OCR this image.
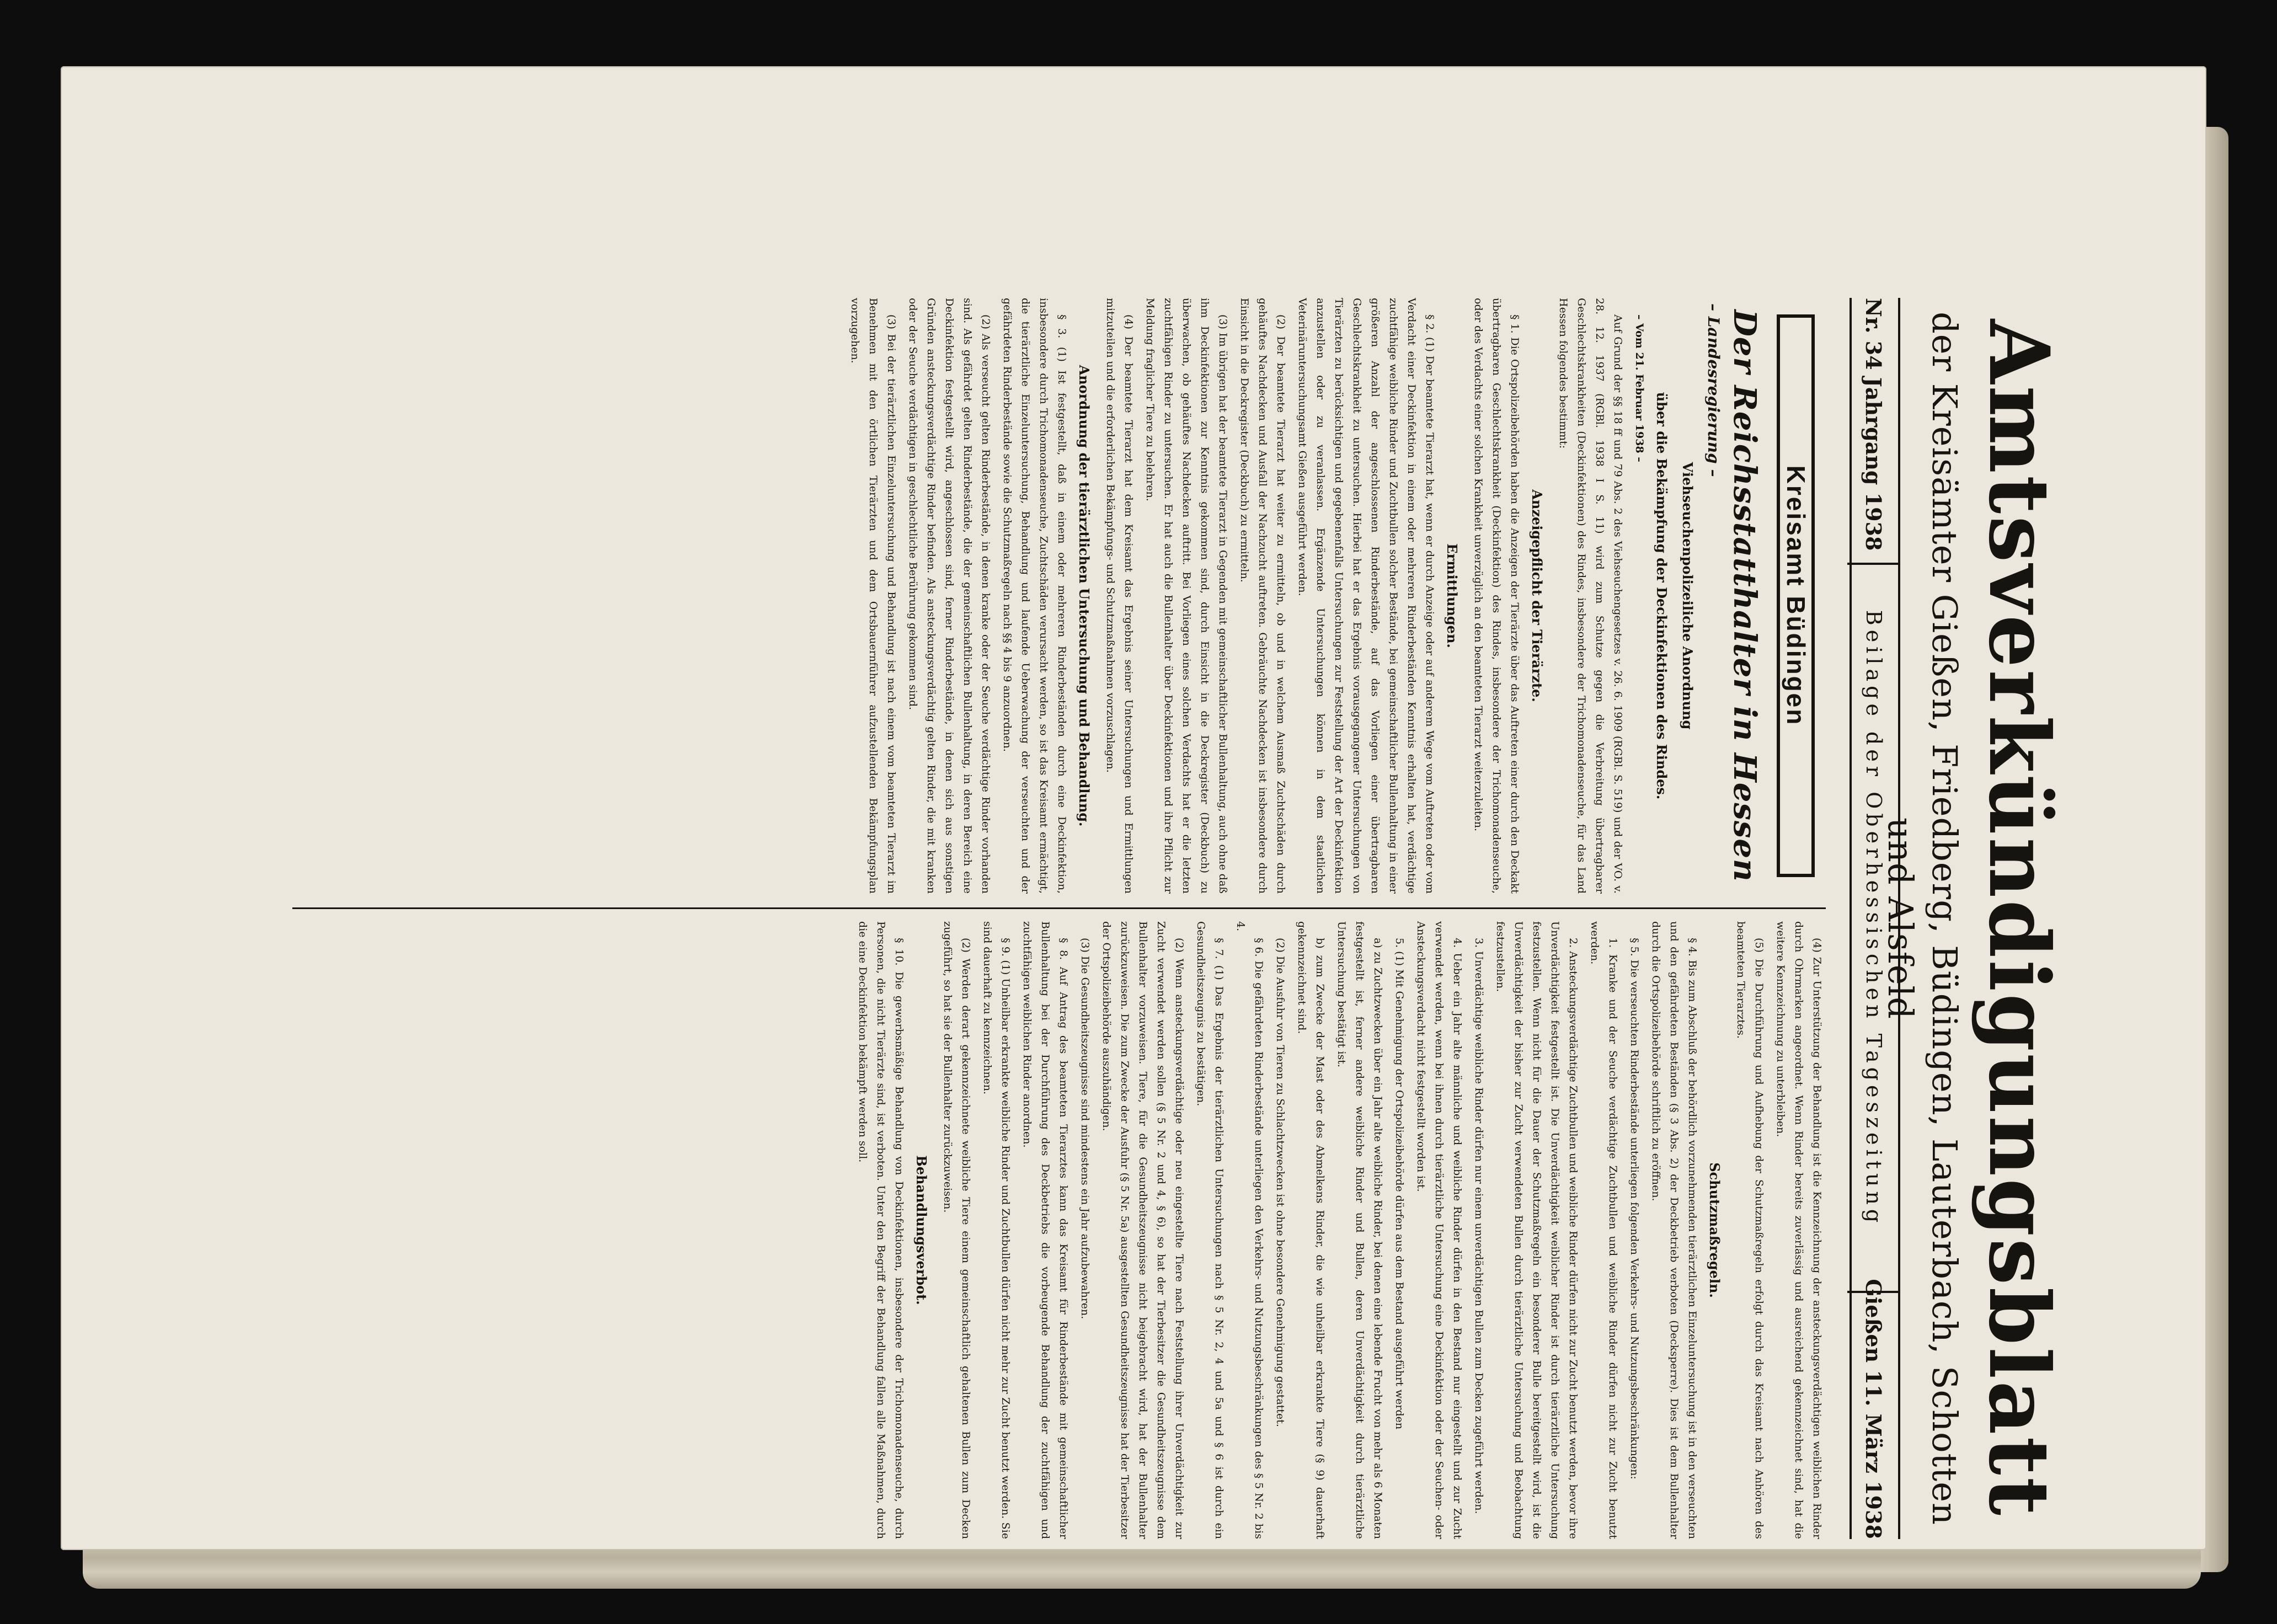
Amtsverkündigungsblatt
der Kreisämter Gießen, Friedberg, Büdingen, Lauterbach, Schotten und Alsfeld
Nr. 34 Jahrgang 1938
Beilage der Oberhessischen Tageszeitung
Gießen 11. März 1938
Kreisamt Büdingen
Der Reichsstatthalter in Hessen
– Landesregierung –
Viehseuchenpolizeiliche Anordnung
über die Bekämpfung der Deckinfektionen des Rindes.
– Vom 21. Februar 1938 –
Auf Grund der §§ 18 ff und 79 Abs. 2 des Viehseuchengesetzes v. 26. 6. 1909 (RGBl. S. 519) und der VO. v. 28. 12. 1937 (RGBl. 1938 I S. 11) wird zum Schutze gegen die Verbreitung übertragbarer Geschlechtskrankheiten (Deckinfektionen) des Rindes, insbesondere der Trichomonadenseuche, für das Land Hessen folgendes bestimmt:
Anzeigepflicht der Tierärzte.
§ 1. Die Ortspolizeibehörden haben die Anzeigen der Tierärzte über das Auftreten einer durch den Deckakt übertragbaren Geschlechtskrankheit (Deckinfektion) des Rindes, insbesondere der Trichomonadenseuche, oder des Verdachts einer solchen Krankheit unverzüglich an den beamteten Tierarzt weiterzuleiten.
Ermittlungen.
§ 2. (1) Der beamtete Tierarzt hat, wenn er durch Anzeige oder auf anderem Wege vom Auftreten oder vom Verdacht einer Deckinfektion in einem oder mehreren Rinderbeständen Kenntnis erhalten hat, verdächtige zuchtfähige weibliche Rinder und Zuchtbullen solcher Bestände, bei gemeinschaftlicher Bullenhaltung in einer größeren Anzahl der angeschlossenen Rinderbestände, auf das Vorliegen einer übertragbaren Geschlechtskrankheit zu untersuchen. Hierbei hat er das Ergebnis vorausgegangener Untersuchungen von Tierärzten zu berücksichtigen und gegebenenfalls Untersuchungen zur Feststellung der Art der Deckinfektion anzustellen oder zu veranlassen. Ergänzende Untersuchungen können in dem staatlichen Veterinäruntersuchungsamt Gießen ausgeführt werden.
(2) Der beamtete Tierarzt hat weiter zu ermitteln, ob und in welchem Ausmaß Zuchtschäden durch gehäuftes Nachdecken und Ausfall der Nachzucht auftreten. Gebräuchte Nachdecken ist insbesondere durch Einsicht in die Deckregister (Deckbuch) zu ermitteln.
(3) Im übrigen hat der beamtete Tierarzt in Gegenden mit gemeinschaftlicher Bullenhaltung, auch ohne daß ihm Deckinfektionen zur Kenntnis gekommen sind, durch Einsicht in die Deckregister (Deckbuch) zu überwachen, ob gehäuftes Nachdecken auftritt. Bei Vorliegen eines solchen Verdachts hat er die letzten zuchtfähigen Rinder zu untersuchen. Er hat auch die Bullenhalter über Deckinfektionen und ihre Pflicht zur Meldung fraglicher Tiere zu belehren.
(4) Der beamtete Tierarzt hat dem Kreisamt das Ergebnis seiner Untersuchungen und Ermittlungen mitzuteilen und die erforderlichen Bekämpfungs- und Schutzmaßnahmen vorzuschlagen.
Anordnung der tierärztlichen Untersuchung und Behandlung.
§ 3. (1) Ist festgestellt, daß in einem oder mehreren Rinderbeständen durch eine Deckinfektion, insbesondere durch Trichomonadenseuche, Zuchtschäden verursacht werden, so ist das Kreisamt ermächtigt, die tierärztliche Einzeluntersuchung, Behandlung und laufende Ueberwachung der verseuchten und der gefährdeten Rinderbestände sowie die Schutzmaßregeln nach §§ 4 bis 9 anzuordnen.
(2) Als verseucht gelten Rinderbestände, in denen kranke oder der Seuche verdächtige Rinder vorhanden sind. Als gefährdet gelten Rinderbestände, die der gemeinschaftlichen Bullenhaltung, in deren Bereich eine Deckinfektion festgestellt wird, angeschlossen sind, ferner Rinderbestände, in denen sich aus sonstigen Gründen ansteckungsverdächtige Rinder befinden. Als ansteckungsverdächtig gelten Rinder, die mit kranken oder der Seuche verdächtigen in geschlechtliche Berührung gekommen sind.
(3) Bei der tierärztlichen Einzeluntersuchung und Behandlung ist nach einem vom beamteten Tierarzt im Benehmen mit den örtlichen Tierärzten und dem Ortsbauernführer aufzustellenden Bekämpfungsplan vorzugehen.
(4) Zur Unterstützung der Behandlung ist die Kennzeichnung der ansteckungsverdächtigen weiblichen Rinder durch Ohrmarken angeordnet. Wenn Rinder bereits zuverlässig und ausreichend gekennzeichnet sind, hat die weitere Kennzeichnung zu unterbleiben.
(5) Die Durchführung und Aufhebung der Schutzmaßregeln erfolgt durch das Kreisamt nach Anhören des beamteten Tierarztes.
Schutzmaßregeln.
§ 4. Bis zum Abschluß der behördlich vorzunehmenden tierärztlichen Einzeluntersuchung ist in den verseuchten und den gefährdeten Beständen (§ 3 Abs. 2) der Deckbetrieb verboten (Decksperre). Dies ist dem Bullenhalter durch die Ortspolizeibehörde schriftlich zu eröffnen.
§ 5. Die verseuchten Rinderbestände unterliegen folgenden Verkehrs- und Nutzungsbeschränkungen:
1. Kranke und der Seuche verdächtige Zuchtbullen und weibliche Rinder dürfen nicht zur Zucht benutzt werden.
2. Ansteckungsverdächtige Zuchtbullen und weibliche Rinder dürfen nicht zur Zucht benutzt werden, bevor ihre Unverdächtigkeit festgestellt ist. Die Unverdächtigkeit weiblicher Rinder ist durch tierärztliche Untersuchung festzustellen. Wenn nicht für die Dauer der Schutzmaßregeln ein besonderer Bulle bereitgestellt wird, ist die Unverdächtigkeit der bisher zur Zucht verwendeten Bullen durch tierärztliche Untersuchung und Beobachtung festzustellen.
3. Unverdächtige weibliche Rinder dürfen nur einem unverdächtigen Bullen zum Decken zugeführt werden.
4. Ueber ein Jahr alte männliche und weibliche Rinder dürfen in den Bestand nur eingestellt und zur Zucht verwendet werden, wenn bei ihnen durch tierärztliche Untersuchung eine Deckinfektion oder der Seuchen- oder Ansteckungsverdacht nicht festgestellt worden ist.
5. (1) Mit Genehmigung der Ortspolizeibehörde dürfen aus dem Bestand ausgeführt werden
a) zu Zuchtzwecken über ein Jahr alte weibliche Rinder, bei denen eine lebende Frucht von mehr als 6 Monaten festgestellt ist, ferner andere weibliche Rinder und Bullen, deren Unverdächtigkeit durch tierärztliche Untersuchung bestätigt ist.
b) zum Zwecke der Mast oder des Abmelkens Rinder, die wie unheilbar erkrankte Tiere (§ 9) dauerhaft gekennzeichnet sind.
(2) Die Ausfuhr von Tieren zu Schlachtzwecken ist ohne besondere Genehmigung gestattet.
§ 6. Die gefährdeten Rinderbestände unterliegen den Verkehrs- und Nutzungsbeschränkungen des § 5 Nr. 2 bis 4.
§ 7. (1) Das Ergebnis der tierärztlichen Untersuchungen nach § 5 Nr. 2, 4 und 5a und § 6 ist durch ein Gesundheitszeugnis zu bestätigen.
(2) Wenn ansteckungsverdächtige oder neu eingestellte Tiere nach Feststellung ihrer Unverdächtigkeit zur Zucht verwendet werden sollen (§ 5 Nr. 2 und 4, § 6), so hat der Tierbesitzer die Gesundheitszeugnisse dem Bullenhalter vorzuweisen. Tiere, für die Gesundheitszeugnisse nicht beigebracht wird, hat der Bullenhalter zurückzuweisen. Die zum Zwecke der Ausfuhr (§ 5 Nr. 5a) ausgestellten Gesundheitszeugnisse hat der Tierbesitzer der Ortspolizeibehörde auszuhändigen.
(3) Die Gesundheitszeugnisse sind mindestens ein Jahr aufzubewahren.
§ 8. Auf Antrag des beamteten Tierarztes kann das Kreisamt für Rinderbestände mit gemeinschaftlicher Bullenhaltung bei der Durchführung des Deckbetriebs die vorbeugende Behandlung der zuchtfähigen und zuchtfähigen weiblichen Rinder anordnen.
§ 9. (1) Unheilbar erkrankte weibliche Rinder und Zuchtbullen dürfen nicht mehr zur Zucht benutzt werden. Sie sind dauerhaft zu kennzeichnen.
(2) Werden derart gekennzeichnete weibliche Tiere einem gemeinschaftlich gehaltenen Bullen zum Decken zugeführt, so hat sie der Bullenhalter zurückzuweisen.
Behandlungsverbot.
§ 10. Die gewerbsmäßige Behandlung von Deckinfektionen, insbesondere der Trichomonadenseuche, durch Personen, die nicht Tierärzte sind, ist verboten. Unter den Begriff der Behandlung fallen alle Maßnahmen, durch die eine Deckinfektion bekämpft werden soll.
